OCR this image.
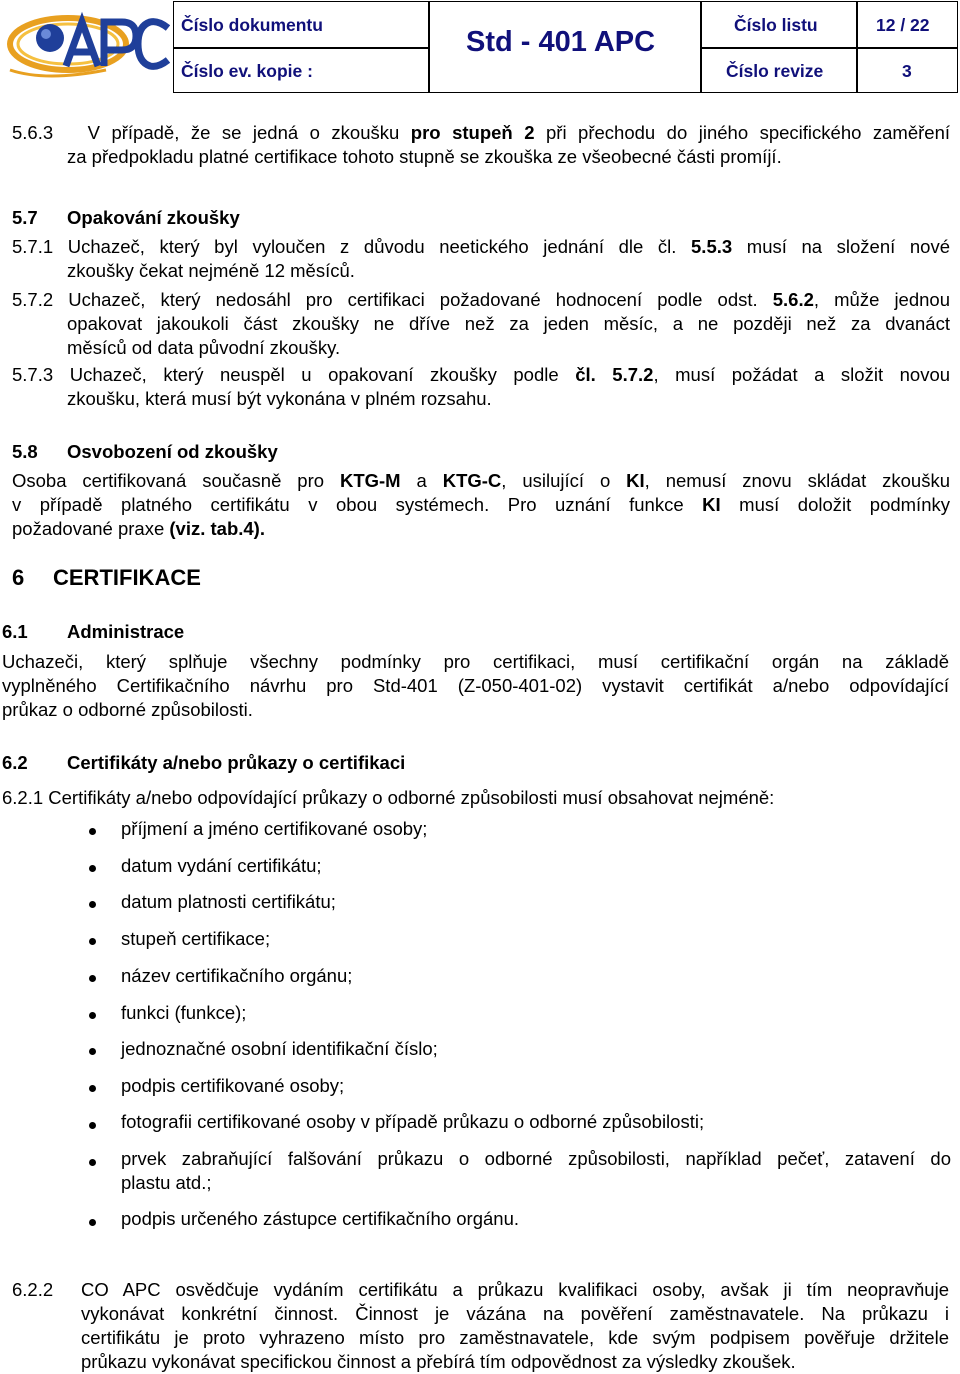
Číslo dokumentu
Číslo ev. kopie :
Std - 401 APC
Číslo listu	12 / 22
Číslo revize	3
5.6.3 V případě, že se jedná o zkoušku pro stupeň 2 při přechodu do jiného specifického zaměření
za předpokladu platné certifikace tohoto stupně se zkouška ze všeobecné části promíjí.
5.7 Opakování zkoušky
5.7.1 Uchazeč, který byl vyloučen z důvodu neetického jednání dle čl. 5.5.3 musí na složení nové
zkoušky čekat nejméně 12 měsíců.
5.7.2 Uchazeč, který nedosáhl pro certifikaci požadované hodnocení podle odst. 5.6.2, může jednou
opakovat jakoukoli část zkoušky ne dříve než za jeden měsíc, a ne později než za dvanáct
měsíců od data původní zkoušky.
5.7.3 Uchazeč, který neuspěl u opakovaní zkoušky podle čl. 5.7.2, musí požádat a složit novou
zkoušku, která musí být vykonána v plném rozsahu.
5.8 Osvobození od zkoušky
Osoba certifikovaná současně pro KTG-M a KTG-C, usilující o KI, nemusí znovu skládat zkoušku
v případě platného certifikátu v obou systémech. Pro uznání funkce KI musí doložit podmínky
požadované praxe (viz. tab.4).
6 CERTIFIKACE
6.1 Administrace
Uchazeči, který splňuje všechny podmínky pro certifikaci, musí certifikační orgán na základě
vyplněného Certifikačního návrhu pro Std-401 (Z-050-401-02) vystavit certifikát a/nebo odpovídající
průkaz o odborné způsobilosti.
6.2 Certifikáty a/nebo průkazy o certifikaci
6.2.1 Certifikáty a/nebo odpovídající průkazy o odborné způsobilosti musí obsahovat nejméně:
příjmení a jméno certifikované osoby;
datum vydání certifikátu;
datum platnosti certifikátu;
stupeň certifikace;
název certifikačního orgánu;
funkci (funkce);
jednoznačné osobní identifikační číslo;
podpis certifikované osoby;
fotografii certifikované osoby v případě průkazu o odborné způsobilosti;
prvek zabraňující falšování průkazu o odborné způsobilosti, například pečeť, zatavení do
plastu atd.;
podpis určeného zástupce certifikačního orgánu.
6.2.2 CO APC osvědčuje vydáním certifikátu a průkazu kvalifikaci osoby, avšak ji tím neopravňuje
vykonávat konkrétní činnost. Činnost je vázána na pověření zaměstnavatele. Na průkazu i
certifikátu je proto vyhrazeno místo pro zaměstnavatele, kde svým podpisem pověřuje držitele
průkazu vykonávat specifickou činnost a přebírá tím odpovědnost za výsledky zkoušek.
